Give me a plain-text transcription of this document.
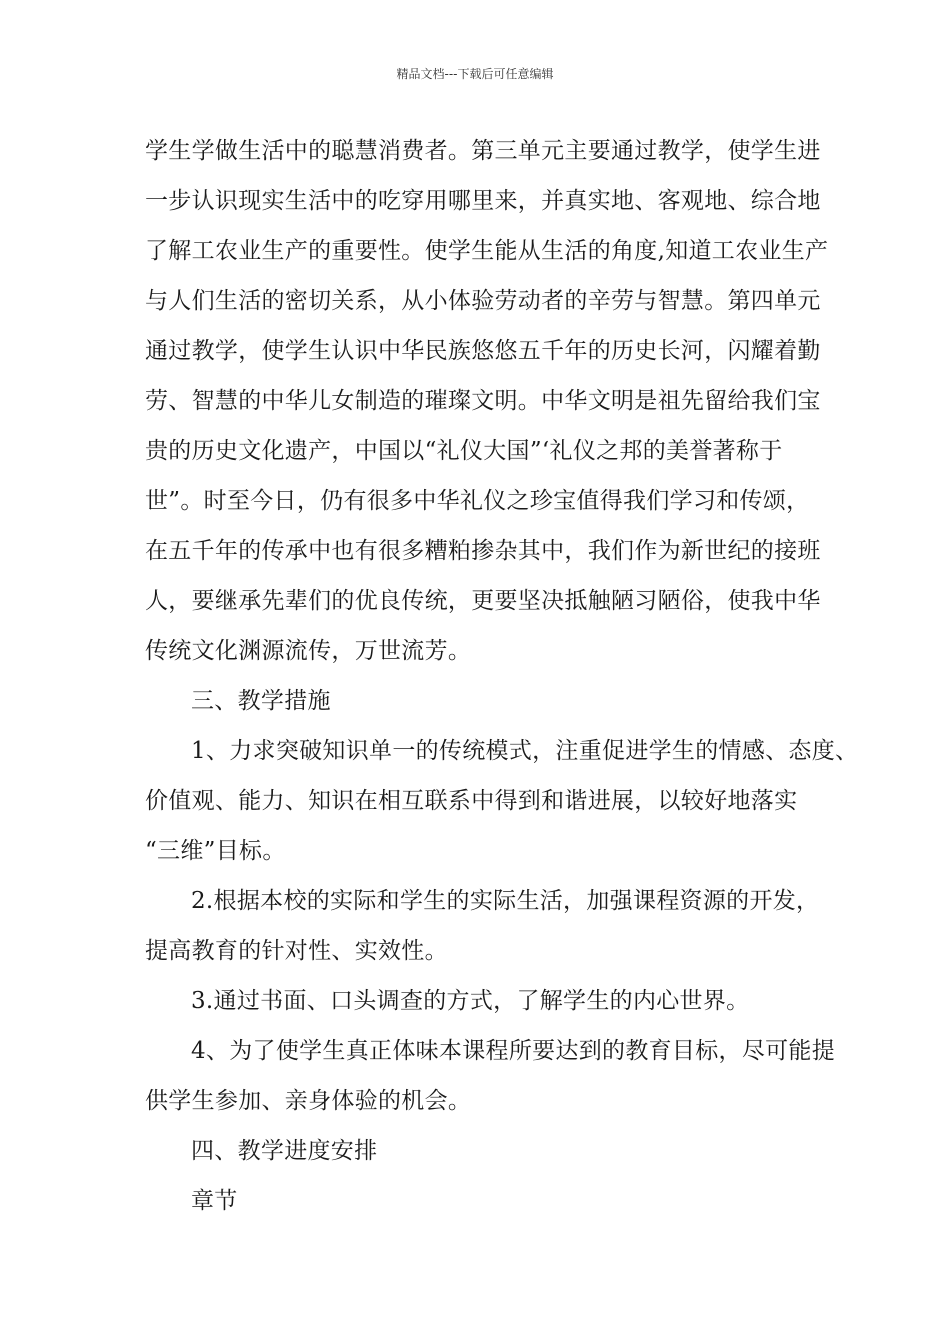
精品文档---下载后可任意编辑
学生学做生活中的聪慧消费者。第三单元主要通过教学，使学生进
一步认识现实生活中的吃穿用哪里来，并真实地、客观地、综合地
了解工农业生产的重要性。使学生能从生活的角度,知道工农业生产
与人们生活的密切关系，从小体验劳动者的辛劳与智慧。第四单元
通过教学，使学生认识中华民族悠悠五千年的历史长河，闪耀着勤
劳、智慧的中华儿女制造的璀璨文明。中华文明是祖先留给我们宝
贵的历史文化遗产，中国以“礼仪大国”‘礼仪之邦的美誉著称于
世”。时至今日，仍有很多中华礼仪之珍宝值得我们学习和传颂，
在五千年的传承中也有很多糟粕掺杂其中，我们作为新世纪的接班
人，要继承先辈们的优良传统，更要坚决抵触陋习陋俗，使我中华
传统文化渊源流传，万世流芳。
三、教学措施
1、力求突破知识单一的传统模式，注重促进学生的情感、态度、
价值观、能力、知识在相互联系中得到和谐进展，以较好地落实
“三维”目标。
2.根据本校的实际和学生的实际生活，加强课程资源的开发，
提高教育的针对性、实效性。
3.通过书面、口头调查的方式，了解学生的内心世界。
4、为了使学生真正体味本课程所要达到的教育目标，尽可能提
供学生参加、亲身体验的机会。
四、教学进度安排
章节
